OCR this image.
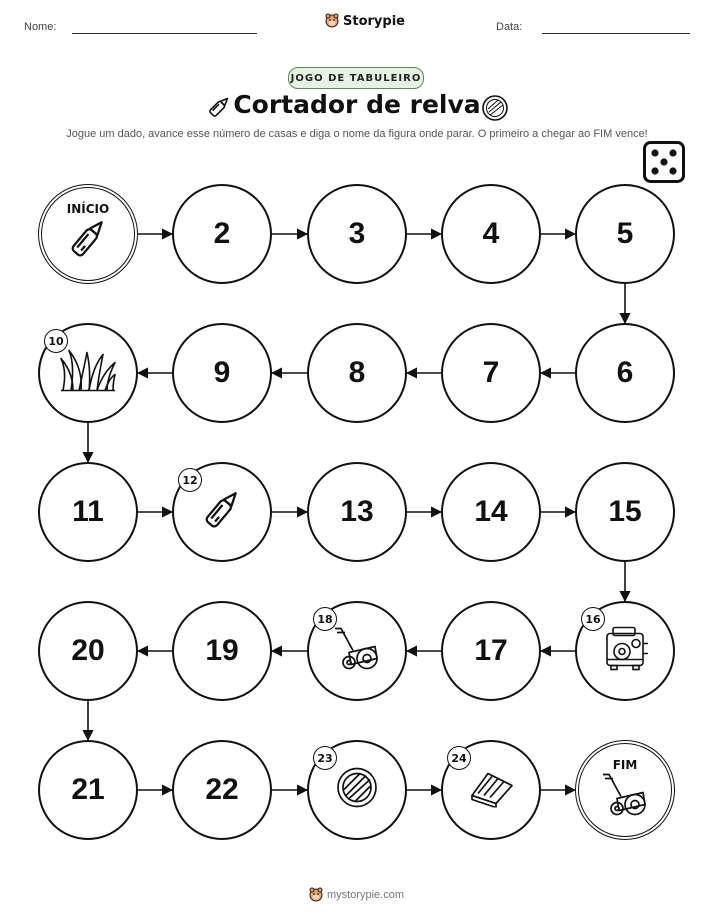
Nome:	Storypie	Data:
JOGO DE TABULEIRO
Cortador de relva
Jogue um dado, avance esse número de casas e diga o nome da figura onde parar. O primeiro a chegar ao FIM vence!
INÍCIO
2	3	4	5
6
7
8
9
10
11
12
13	14	15
16
17
18
19
20
21	22
23	24	FIM
mystorypie.com
